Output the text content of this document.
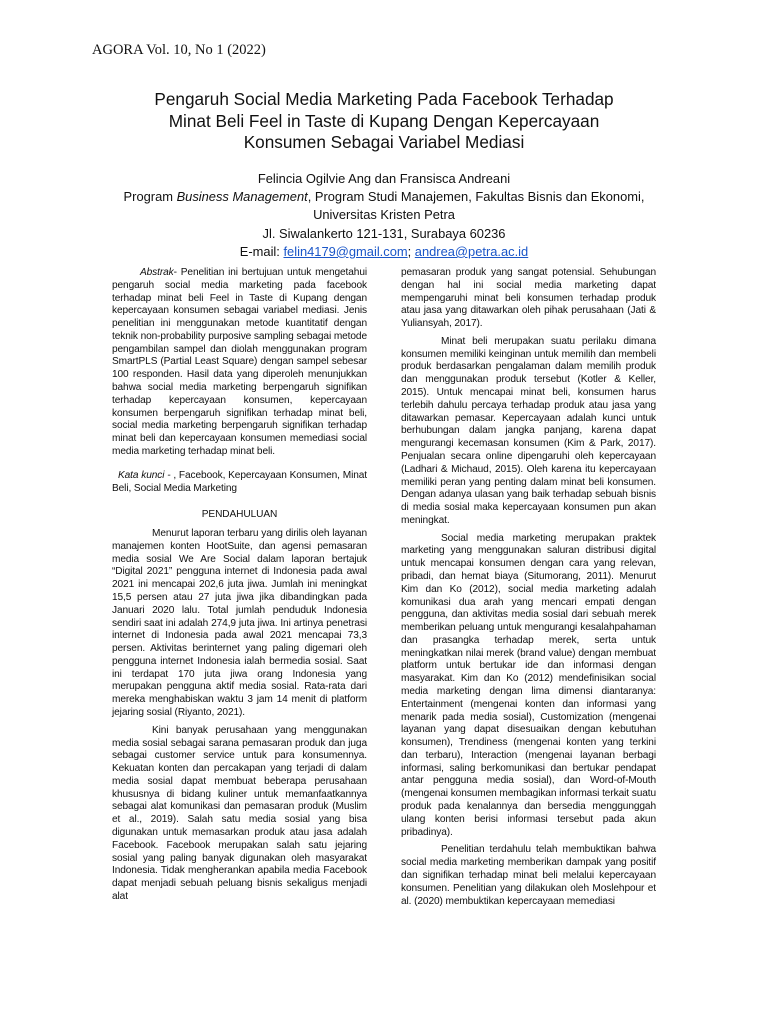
AGORA Vol. 10, No 1 (2022)
Pengaruh Social Media Marketing Pada Facebook Terhadap
Minat Beli Feel in Taste di Kupang Dengan Kepercayaan
Konsumen Sebagai Variabel Mediasi
Felincia Ogilvie Ang dan Fransisca Andreani
Program Business Management, Program Studi Manajemen, Fakultas Bisnis dan Ekonomi,
Universitas Kristen Petra
Jl. Siwalankerto 121-131, Surabaya 60236
E-mail: felin4179@gmail.com; andrea@petra.ac.id
Abstrak- Penelitian ini bertujuan untuk mengetahui pengaruh social media marketing pada facebook terhadap minat beli Feel in Taste di Kupang dengan kepercayaan konsumen sebagai variabel mediasi. Jenis penelitian ini menggunakan metode kuantitatif dengan teknik non-probability purposive sampling sebagai metode pengambilan sampel dan diolah menggunakan program SmartPLS (Partial Least Square) dengan sampel sebesar 100 responden. Hasil data yang diperoleh menunjukkan bahwa social media marketing berpengaruh signifikan terhadap kepercayaan konsumen, kepercayaan konsumen berpengaruh signifikan terhadap minat beli, social media marketing berpengaruh signifikan terhadap minat beli dan kepercayaan konsumen memediasi social media marketing terhadap minat beli.
Kata kunci - , Facebook, Kepercayaan Konsumen, Minat Beli, Social Media Marketing
PENDAHULUAN
Menurut laporan terbaru yang dirilis oleh layanan manajemen konten HootSuite, dan agensi pemasaran media sosial We Are Social dalam laporan bertajuk “Digital 2021” pengguna internet di Indonesia pada awal 2021 ini mencapai 202,6 juta jiwa. Jumlah ini meningkat 15,5 persen atau 27 juta jiwa jika dibandingkan pada Januari 2020 lalu. Total jumlah penduduk Indonesia sendiri saat ini adalah 274,9 juta jiwa. Ini artinya penetrasi internet di Indonesia pada awal 2021 mencapai 73,3 persen. Aktivitas berinternet yang paling digemari oleh pengguna internet Indonesia ialah bermedia sosial. Saat ini terdapat 170 juta jiwa orang Indonesia yang merupakan pengguna aktif media sosial. Rata-rata dari mereka menghabiskan waktu 3 jam 14 menit di platform jejaring sosial (Riyanto, 2021).
Kini banyak perusahaan yang menggunakan media sosial sebagai sarana pemasaran produk dan juga sebagai customer service untuk para konsumennya. Kekuatan konten dan percakapan yang terjadi di dalam media sosial dapat membuat beberapa perusahaan khususnya di bidang kuliner untuk memanfaatkannya sebagai alat komunikasi dan pemasaran produk (Muslim et al., 2019). Salah satu media sosial yang bisa digunakan untuk memasarkan produk atau jasa adalah Facebook. Facebook merupakan salah satu jejaring sosial yang paling banyak digunakan oleh masyarakat Indonesia. Tidak mengherankan apabila media Facebook dapat menjadi sebuah peluang bisnis sekaligus menjadi alat
pemasaran produk yang sangat potensial. Sehubungan dengan hal ini social media marketing dapat mempengaruhi minat beli konsumen terhadap produk atau jasa yang ditawarkan oleh pihak perusahaan (Jati & Yuliansyah, 2017).
Minat beli merupakan suatu perilaku dimana konsumen memiliki keinginan untuk memilih dan membeli produk berdasarkan pengalaman dalam memilih produk dan menggunakan produk tersebut (Kotler & Keller, 2015). Untuk mencapai minat beli, konsumen harus terlebih dahulu percaya terhadap produk atau jasa yang ditawarkan pemasar. Kepercayaan adalah kunci untuk berhubungan dalam jangka panjang, karena dapat mengurangi kecemasan konsumen (Kim & Park, 2017). Penjualan secara online dipengaruhi oleh kepercayaan (Ladhari & Michaud, 2015). Oleh karena itu kepercayaan memiliki peran yang penting dalam minat beli konsumen. Dengan adanya ulasan yang baik terhadap sebuah bisnis di media sosial maka kepercayaan konsumen pun akan meningkat.
Social media marketing merupakan praktek marketing yang menggunakan saluran distribusi digital untuk mencapai konsumen dengan cara yang relevan, pribadi, dan hemat biaya (Situmorang, 2011). Menurut Kim dan Ko (2012), social media marketing adalah komunikasi dua arah yang mencari empati dengan pengguna, dan aktivitas media sosial dari sebuah merek memberikan peluang untuk mengurangi kesalahpahaman dan prasangka terhadap merek, serta untuk meningkatkan nilai merek (brand value) dengan membuat platform untuk bertukar ide dan informasi dengan masyarakat. Kim dan Ko (2012) mendefinisikan social media marketing dengan lima dimensi diantaranya: Entertainment (mengenai konten dan informasi yang menarik pada media sosial), Customization (mengenai layanan yang dapat disesuaikan dengan kebutuhan konsumen), Trendiness (mengenai konten yang terkini dan terbaru), Interaction (mengenai layanan berbagi informasi, saling berkomunikasi dan bertukar pendapat antar pengguna media sosial), dan Word-of-Mouth (mengenai konsumen membagikan informasi terkait suatu produk pada kenalannya dan bersedia menggunggah ulang konten berisi informasi tersebut pada akun pribadinya).
Penelitian terdahulu telah membuktikan bahwa social media marketing memberikan dampak yang positif dan signifikan terhadap minat beli melalui kepercayaan konsumen. Penelitian yang dilakukan oleh Moslehpour et al. (2020) membuktikan kepercayaan memediasi
